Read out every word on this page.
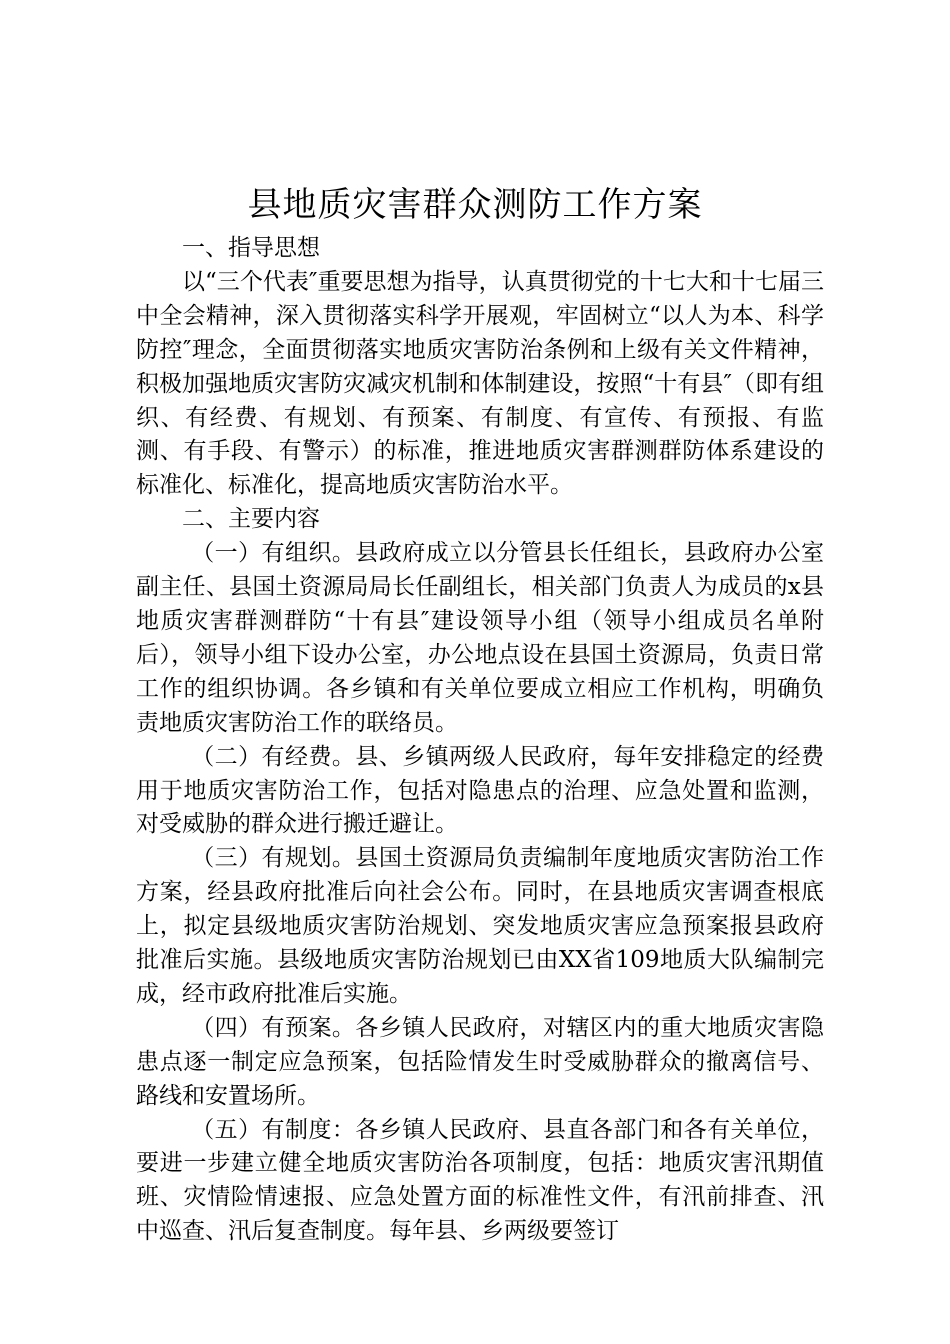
县地质灾害群众测防工作方案

一、指导思想

以“三个代表″重要思想为指导，认真贯彻党的十七大和十七届三中全会精神，深入贯彻落实科学开展观，牢固树立“以人为本、科学防控″理念，全面贯彻落实地质灾害防治条例和上级有关文件精神，积极加强地质灾害防灾减灾机制和体制建设，按照“十有县″（即有组织、有经费、有规划、有预案、有制度、有宣传、有预报、有监测、有手段、有警示）的标准，推进地质灾害群测群防体系建设的标准化、标准化，提高地质灾害防治水平。

二、主要内容

（一）有组织。县政府成立以分管县长任组长，县政府办公室副主任、县国土资源局局长任副组长，相关部门负责人为成员的x县地质灾害群测群防“十有县″建设领导小组（领导小组成员名单附后），领导小组下设办公室，办公地点设在县国土资源局，负责日常工作的组织协调。各乡镇和有关单位要成立相应工作机构，明确负责地质灾害防治工作的联络员。

（二）有经费。县、乡镇两级人民政府，每年安排稳定的经费用于地质灾害防治工作，包括对隐患点的治理、应急处置和监测，对受威胁的群众进行搬迁避让。

（三）有规划。县国土资源局负责编制年度地质灾害防治工作方案，经县政府批准后向社会公布。同时，在县地质灾害调查根底上，拟定县级地质灾害防治规划、突发地质灾害应急预案报县政府批准后实施。县级地质灾害防治规划已由XX省109地质大队编制完成，经市政府批准后实施。

（四）有预案。各乡镇人民政府，对辖区内的重大地质灾害隐患点逐一制定应急预案，包括险情发生时受威胁群众的撤离信号、路线和安置场所。

（五）有制度：各乡镇人民政府、县直各部门和各有关单位，要进一步建立健全地质灾害防治各项制度，包括：地质灾害汛期值班、灾情险情速报、应急处置方面的标准性文件，有汛前排查、汛中巡查、汛后复查制度。每年县、乡两级要签订
